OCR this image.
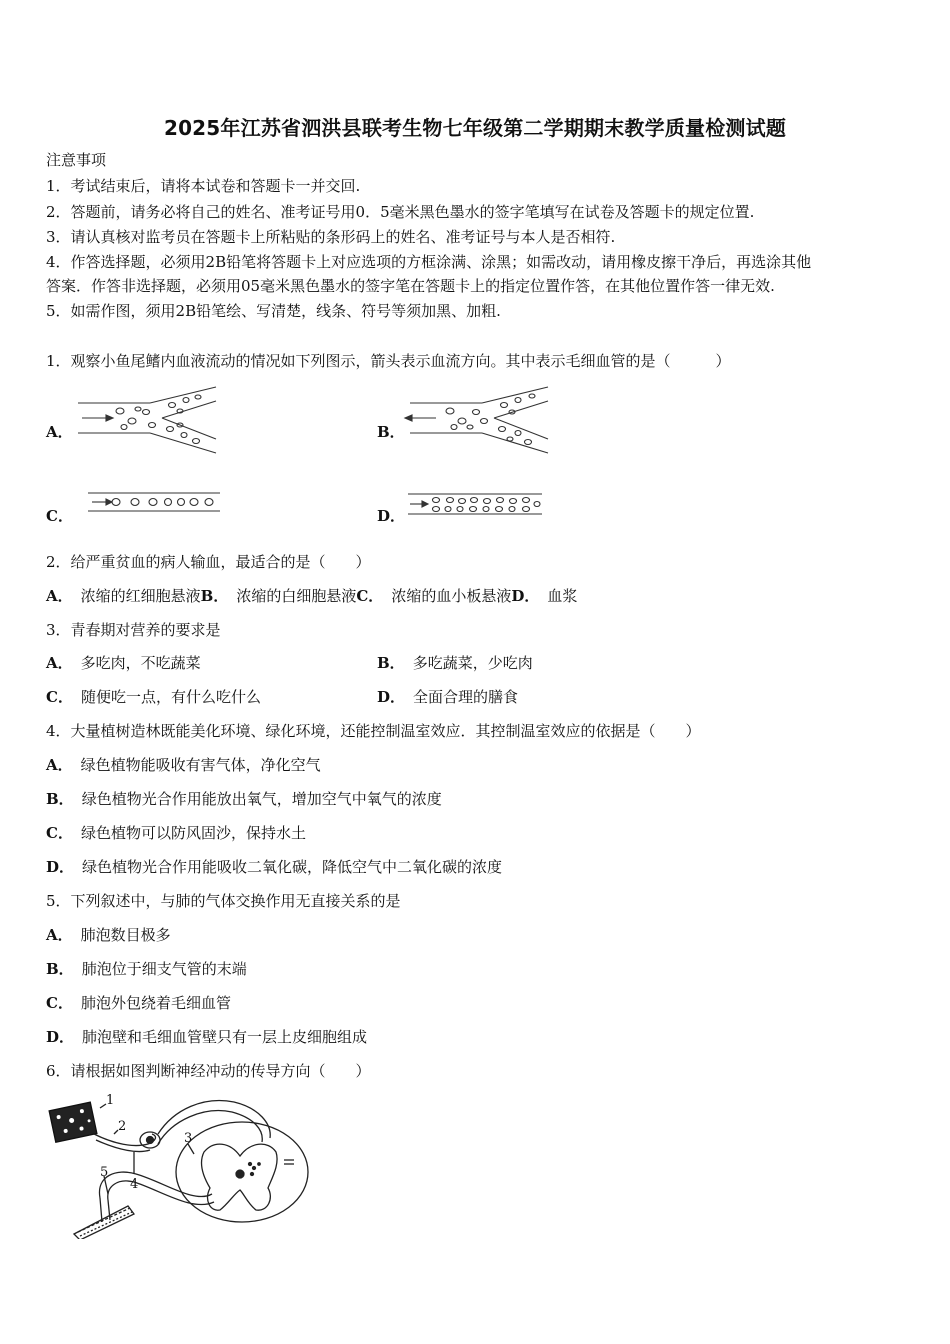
2025年江苏省泗洪县联考生物七年级第二学期期末教学质量检测试题
注意事项
1．考试结束后，请将本试卷和答题卡一并交回.
2．答题前，请务必将自己的姓名、准考证号用0．5毫米黑色墨水的签字笔填写在试卷及答题卡的规定位置.
3．请认真核对监考员在答题卡上所粘贴的条形码上的姓名、准考证号与本人是否相符.
4．作答选择题，必须用2B铅笔将答题卡上对应选项的方框涂满、涂黑；如需改动，请用橡皮擦干净后，再选涂其他
答案．作答非选择题，必须用05毫米黑色墨水的签字笔在答题卡上的指定位置作答，在其他位置作答一律无效.
5．如需作图，须用2B铅笔绘、写清楚，线条、符号等须加黑、加粗.
1．观察小鱼尾鳍内血液流动的情况如下列图示，箭头表示血流方向。其中表示毛细血管的是（　　　）
A．	B．
C．	D．
2．给严重贫血的病人输血，最适合的是（　　）
A． 浓缩的红细胞悬液B． 浓缩的白细胞悬液C． 浓缩的血小板悬液D． 血浆
3．青春期对营养的要求是
A． 多吃肉，不吃蔬菜	B． 多吃蔬菜，少吃肉
C． 随便吃一点，有什么吃什么	D． 全面合理的膳食
4．大量植树造林既能美化环境、绿化环境，还能控制温室效应．其控制温室效应的依据是（　　）
A． 绿色植物能吸收有害气体，净化空气
B． 绿色植物光合作用能放出氧气，增加空气中氧气的浓度
C． 绿色植物可以防风固沙，保持水土
D． 绿色植物光合作用能吸收二氧化碳，降低空气中二氧化碳的浓度
5．下列叙述中，与肺的气体交换作用无直接关系的是
A． 肺泡数目极多
B． 肺泡位于细支气管的末端
C． 肺泡外包绕着毛细血管
D． 肺泡壁和毛细血管壁只有一层上皮细胞组成
6．请根据如图判断神经冲动的传导方向（　　）
1
2
3
4
5
